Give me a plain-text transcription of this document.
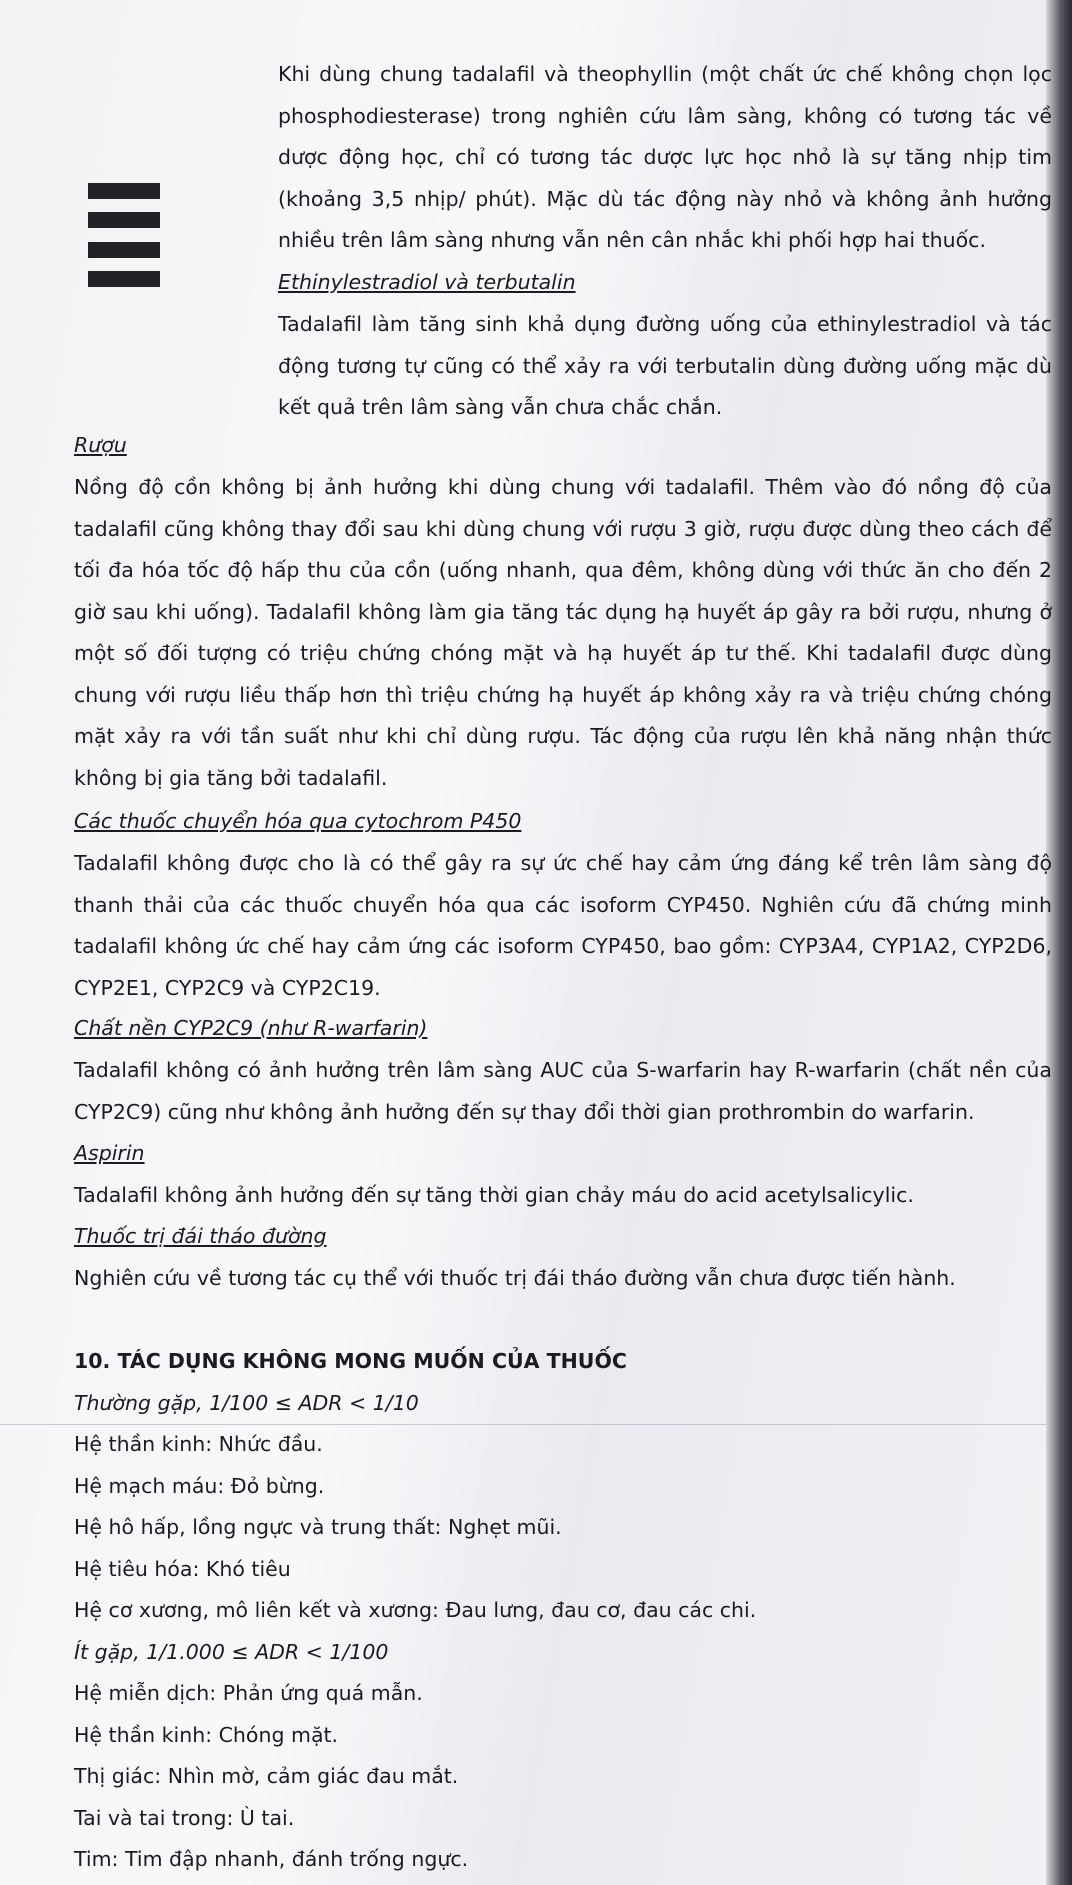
Khi dùng chung tadalafil và theophyllin (một chất ức chế không chọn lọc phosphodiesterase) trong nghiên cứu lâm sàng, không có tương tác về dược động học, chỉ có tương tác dược lực học nhỏ là sự tăng nhịp tim (khoảng 3,5 nhịp/ phút). Mặc dù tác động này nhỏ và không ảnh hưởng nhiều trên lâm sàng nhưng vẫn nên cân nhắc khi phối hợp hai thuốc.
Ethinylestradiol và terbutalin
Tadalafil làm tăng sinh khả dụng đường uống của ethinylestradiol và tác động tương tự cũng có thể xảy ra với terbutalin dùng đường uống mặc dù kết quả trên lâm sàng vẫn chưa chắc chắn.
Rượu
Nồng độ cồn không bị ảnh hưởng khi dùng chung với tadalafil. Thêm vào đó nồng độ của tadalafil cũng không thay đổi sau khi dùng chung với rượu 3 giờ, rượu được dùng theo cách để tối đa hóa tốc độ hấp thu của cồn (uống nhanh, qua đêm, không dùng với thức ăn cho đến 2 giờ sau khi uống). Tadalafil không làm gia tăng tác dụng hạ huyết áp gây ra bởi rượu, nhưng ở một số đối tượng có triệu chứng chóng mặt và hạ huyết áp tư thế. Khi tadalafil được dùng chung với rượu liều thấp hơn thì triệu chứng hạ huyết áp không xảy ra và triệu chứng chóng mặt xảy ra với tần suất như khi chỉ dùng rượu. Tác động của rượu lên khả năng nhận thức không bị gia tăng bởi tadalafil.
Các thuốc chuyển hóa qua cytochrom P450
Tadalafil không được cho là có thể gây ra sự ức chế hay cảm ứng đáng kể trên lâm sàng độ thanh thải của các thuốc chuyển hóa qua các isoform CYP450. Nghiên cứu đã chứng minh tadalafil không ức chế hay cảm ứng các isoform CYP450, bao gồm: CYP3A4, CYP1A2, CYP2D6, CYP2E1, CYP2C9 và CYP2C19.
Chất nền CYP2C9 (như R-warfarin)
Tadalafil không có ảnh hưởng trên lâm sàng AUC của S-warfarin hay R-warfarin (chất nền của CYP2C9) cũng như không ảnh hưởng đến sự thay đổi thời gian prothrombin do warfarin.
Aspirin
Tadalafil không ảnh hưởng đến sự tăng thời gian chảy máu do acid acetylsalicylic.
Thuốc trị đái tháo đường
Nghiên cứu về tương tác cụ thể với thuốc trị đái tháo đường vẫn chưa được tiến hành.
10. TÁC DỤNG KHÔNG MONG MUỐN CỦA THUỐC
Thường gặp, 1/100 ≤ ADR < 1/10
Hệ thần kinh: Nhức đầu.
Hệ mạch máu: Đỏ bừng.
Hệ hô hấp, lồng ngực và trung thất: Nghẹt mũi.
Hệ tiêu hóa: Khó tiêu
Hệ cơ xương, mô liên kết và xương: Đau lưng, đau cơ, đau các chi.
Ít gặp, 1/1.000 ≤ ADR < 1/100
Hệ miễn dịch: Phản ứng quá mẫn.
Hệ thần kinh: Chóng mặt.
Thị giác: Nhìn mờ, cảm giác đau mắt.
Tai và tai trong: Ù tai.
Tim: Tim đập nhanh, đánh trống ngực.
